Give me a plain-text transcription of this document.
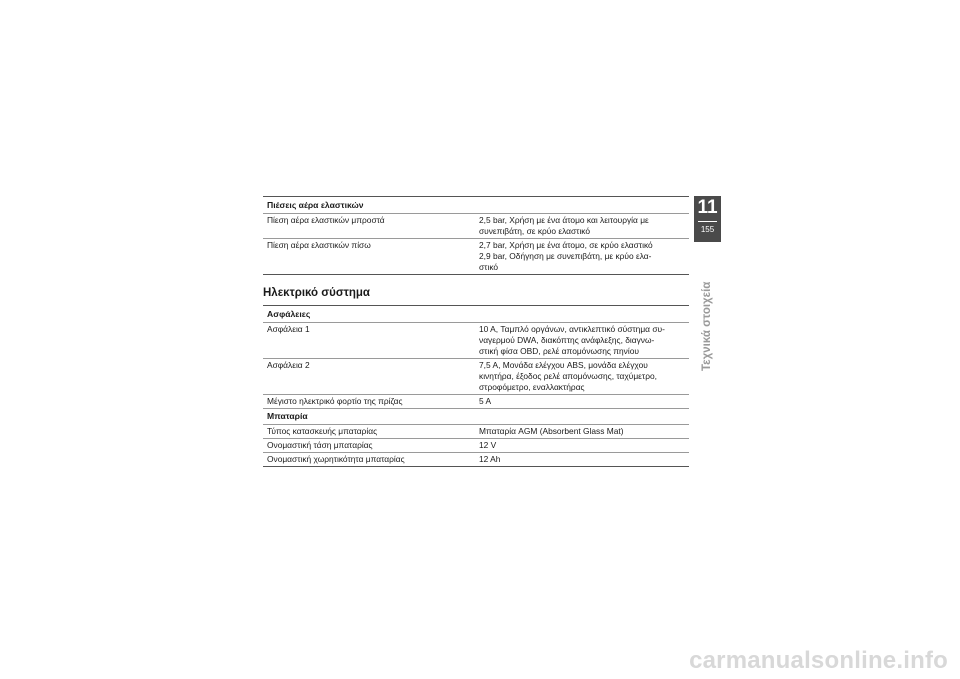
Πιέσεις αέρα ελαστικών
Πίεση αέρα ελαστικών μπροστά	2,5 bar, Χρήση με ένα άτομο και λειτουργία με
συνεπιβάτη, σε κρύο ελαστικό
Πίεση αέρα ελαστικών πίσω	2,7 bar, Χρήση με ένα άτομο, σε κρύο ελαστικό
2,9 bar, Οδήγηση με συνεπιβάτη, με κρύο ελα-
στικό
Ηλεκτρικό σύστημα
Ασφάλειες
Ασφάλεια 1	10 A, Ταμπλό οργάνων, αντικλεπτικό σύστημα συ-
ναγερμού DWA, διακόπτης ανάφλεξης, διαγνω-
στική φίσα OBD, ρελέ απομόνωσης πηνίου
Ασφάλεια 2	7,5 A, Μονάδα ελέγχου ABS, μονάδα ελέγχου
κινητήρα, έξοδος ρελέ απομόνωσης, ταχύμετρο,
στροφόμετρο, εναλλακτήρας
Μέγιστο ηλεκτρικό φορτίο της πρίζας	5 A
Μπαταρία
Τύπος κατασκευής μπαταρίας	Μπαταρία AGM (Absorbent Glass Mat)
Ονομαστική τάση μπαταρίας	12 V
Ονομαστική χωρητικότητα μπαταρίας	12 Ah
11
155
Τεχνικά στοιχεία
carmanualsonline.info
